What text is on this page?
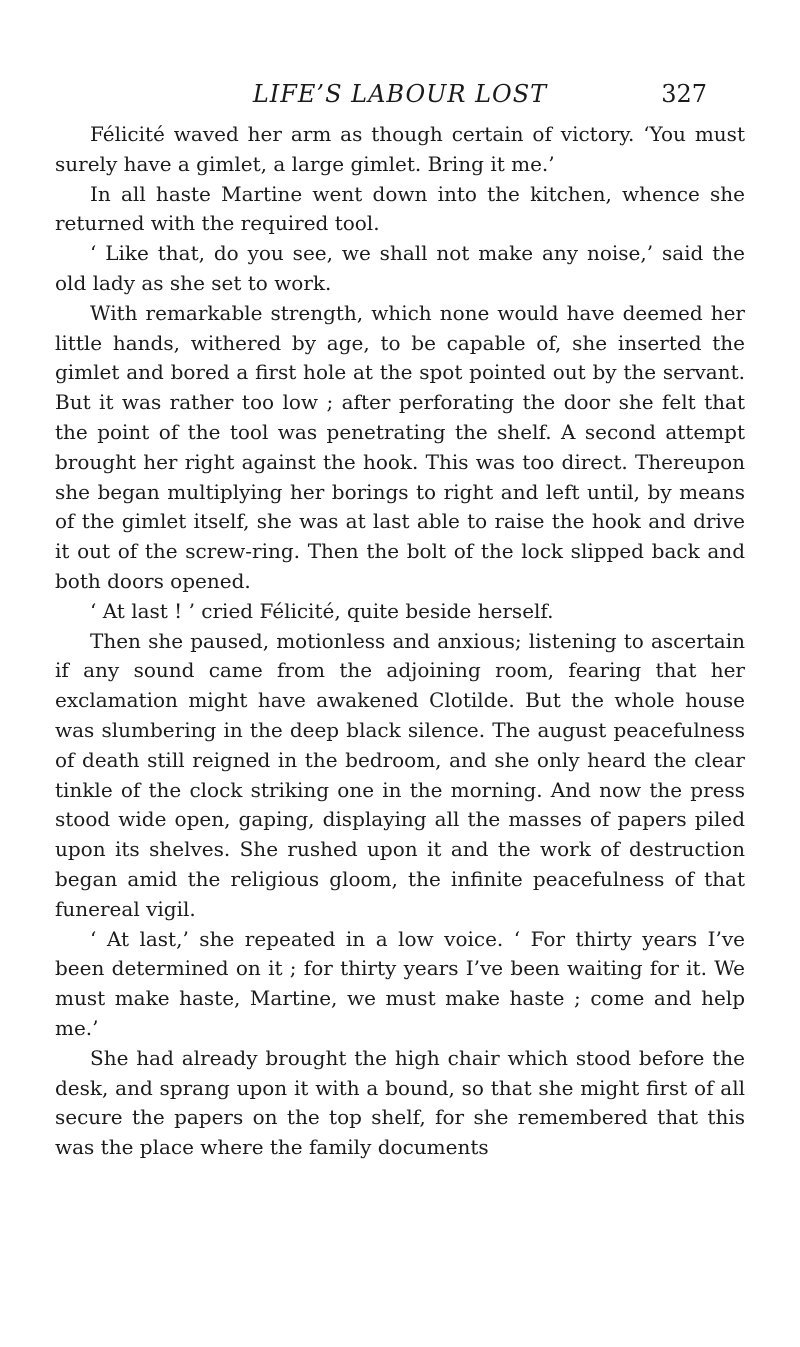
LIFE’S LABOUR LOST	327

Félicité waved her arm as though certain of victory. ‘You must surely have a gimlet, a large gimlet. Bring it me.’

In all haste Martine went down into the kitchen, whence she returned with the required tool.

‘ Like that, do you see, we shall not make any noise,’ said the old lady as she set to work.

With remarkable strength, which none would have deemed her little hands, withered by age, to be capable of, she inserted the gimlet and bored a first hole at the spot pointed out by the servant. But it was rather too low ; after perforating the door she felt that the point of the tool was penetrating the shelf. A second attempt brought her right against the hook. This was too direct. Thereupon she began multiplying her borings to right and left until, by means of the gimlet itself, she was at last able to raise the hook and drive it out of the screw-ring. Then the bolt of the lock slipped back and both doors opened.

‘ At last ! ’ cried Félicité, quite beside herself.

Then she paused, motionless and anxious; listening to ascertain if any sound came from the adjoining room, fearing that her exclamation might have awakened Clotilde. But the whole house was slumbering in the deep black silence. The august peacefulness of death still reigned in the bedroom, and she only heard the clear tinkle of the clock striking one in the morning. And now the press stood wide open, gaping, displaying all the masses of papers piled upon its shelves. She rushed upon it and the work of destruction began amid the religious gloom, the infinite peacefulness of that funereal vigil.

‘ At last,’ she repeated in a low voice. ‘ For thirty years I’ve been determined on it ; for thirty years I’ve been waiting for it. We must make haste, Martine, we must make haste ; come and help me.’

She had already brought the high chair which stood before the desk, and sprang upon it with a bound, so that she might first of all secure the papers on the top shelf, for she remembered that this was the place where the family documents
